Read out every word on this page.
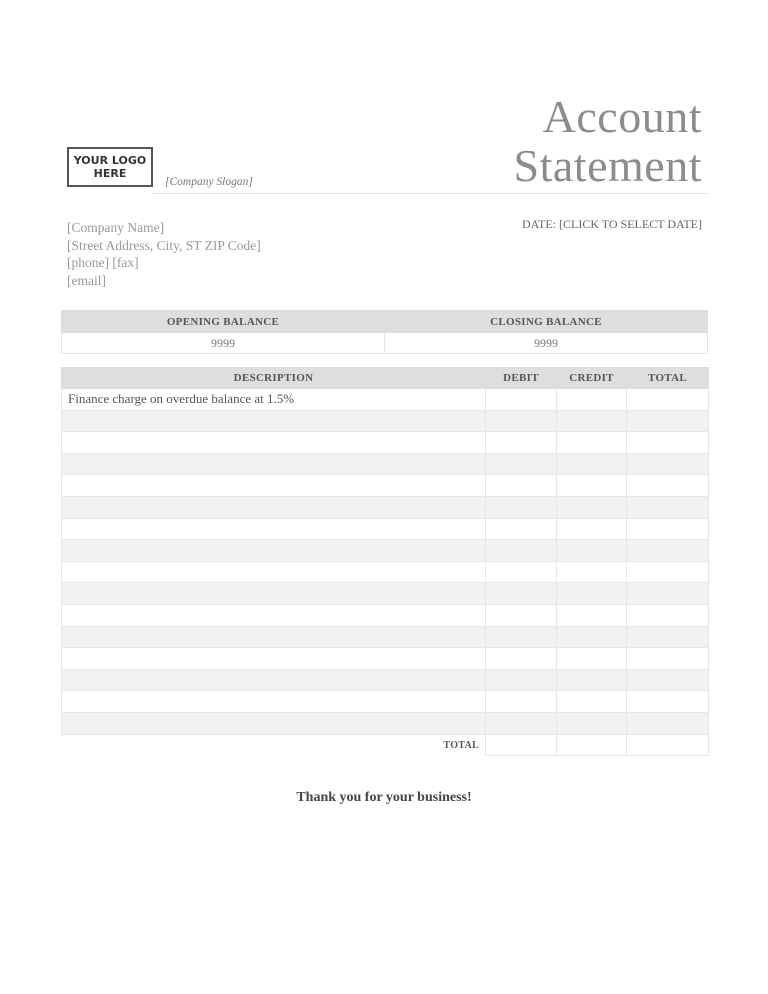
Account
Statement
YOUR LOGO HERE
[Company Slogan]
[Company Name]
[Street Address, City, ST ZIP Code]
[phone] [fax]
[email]
DATE: [CLICK TO SELECT DATE]
OPENING BALANCE	CLOSING BALANCE
9999	9999
DESCRIPTION	DEBIT	CREDIT	TOTAL
Finance charge on overdue balance at 1.5%			

TOTAL			
Thank you for your business!
